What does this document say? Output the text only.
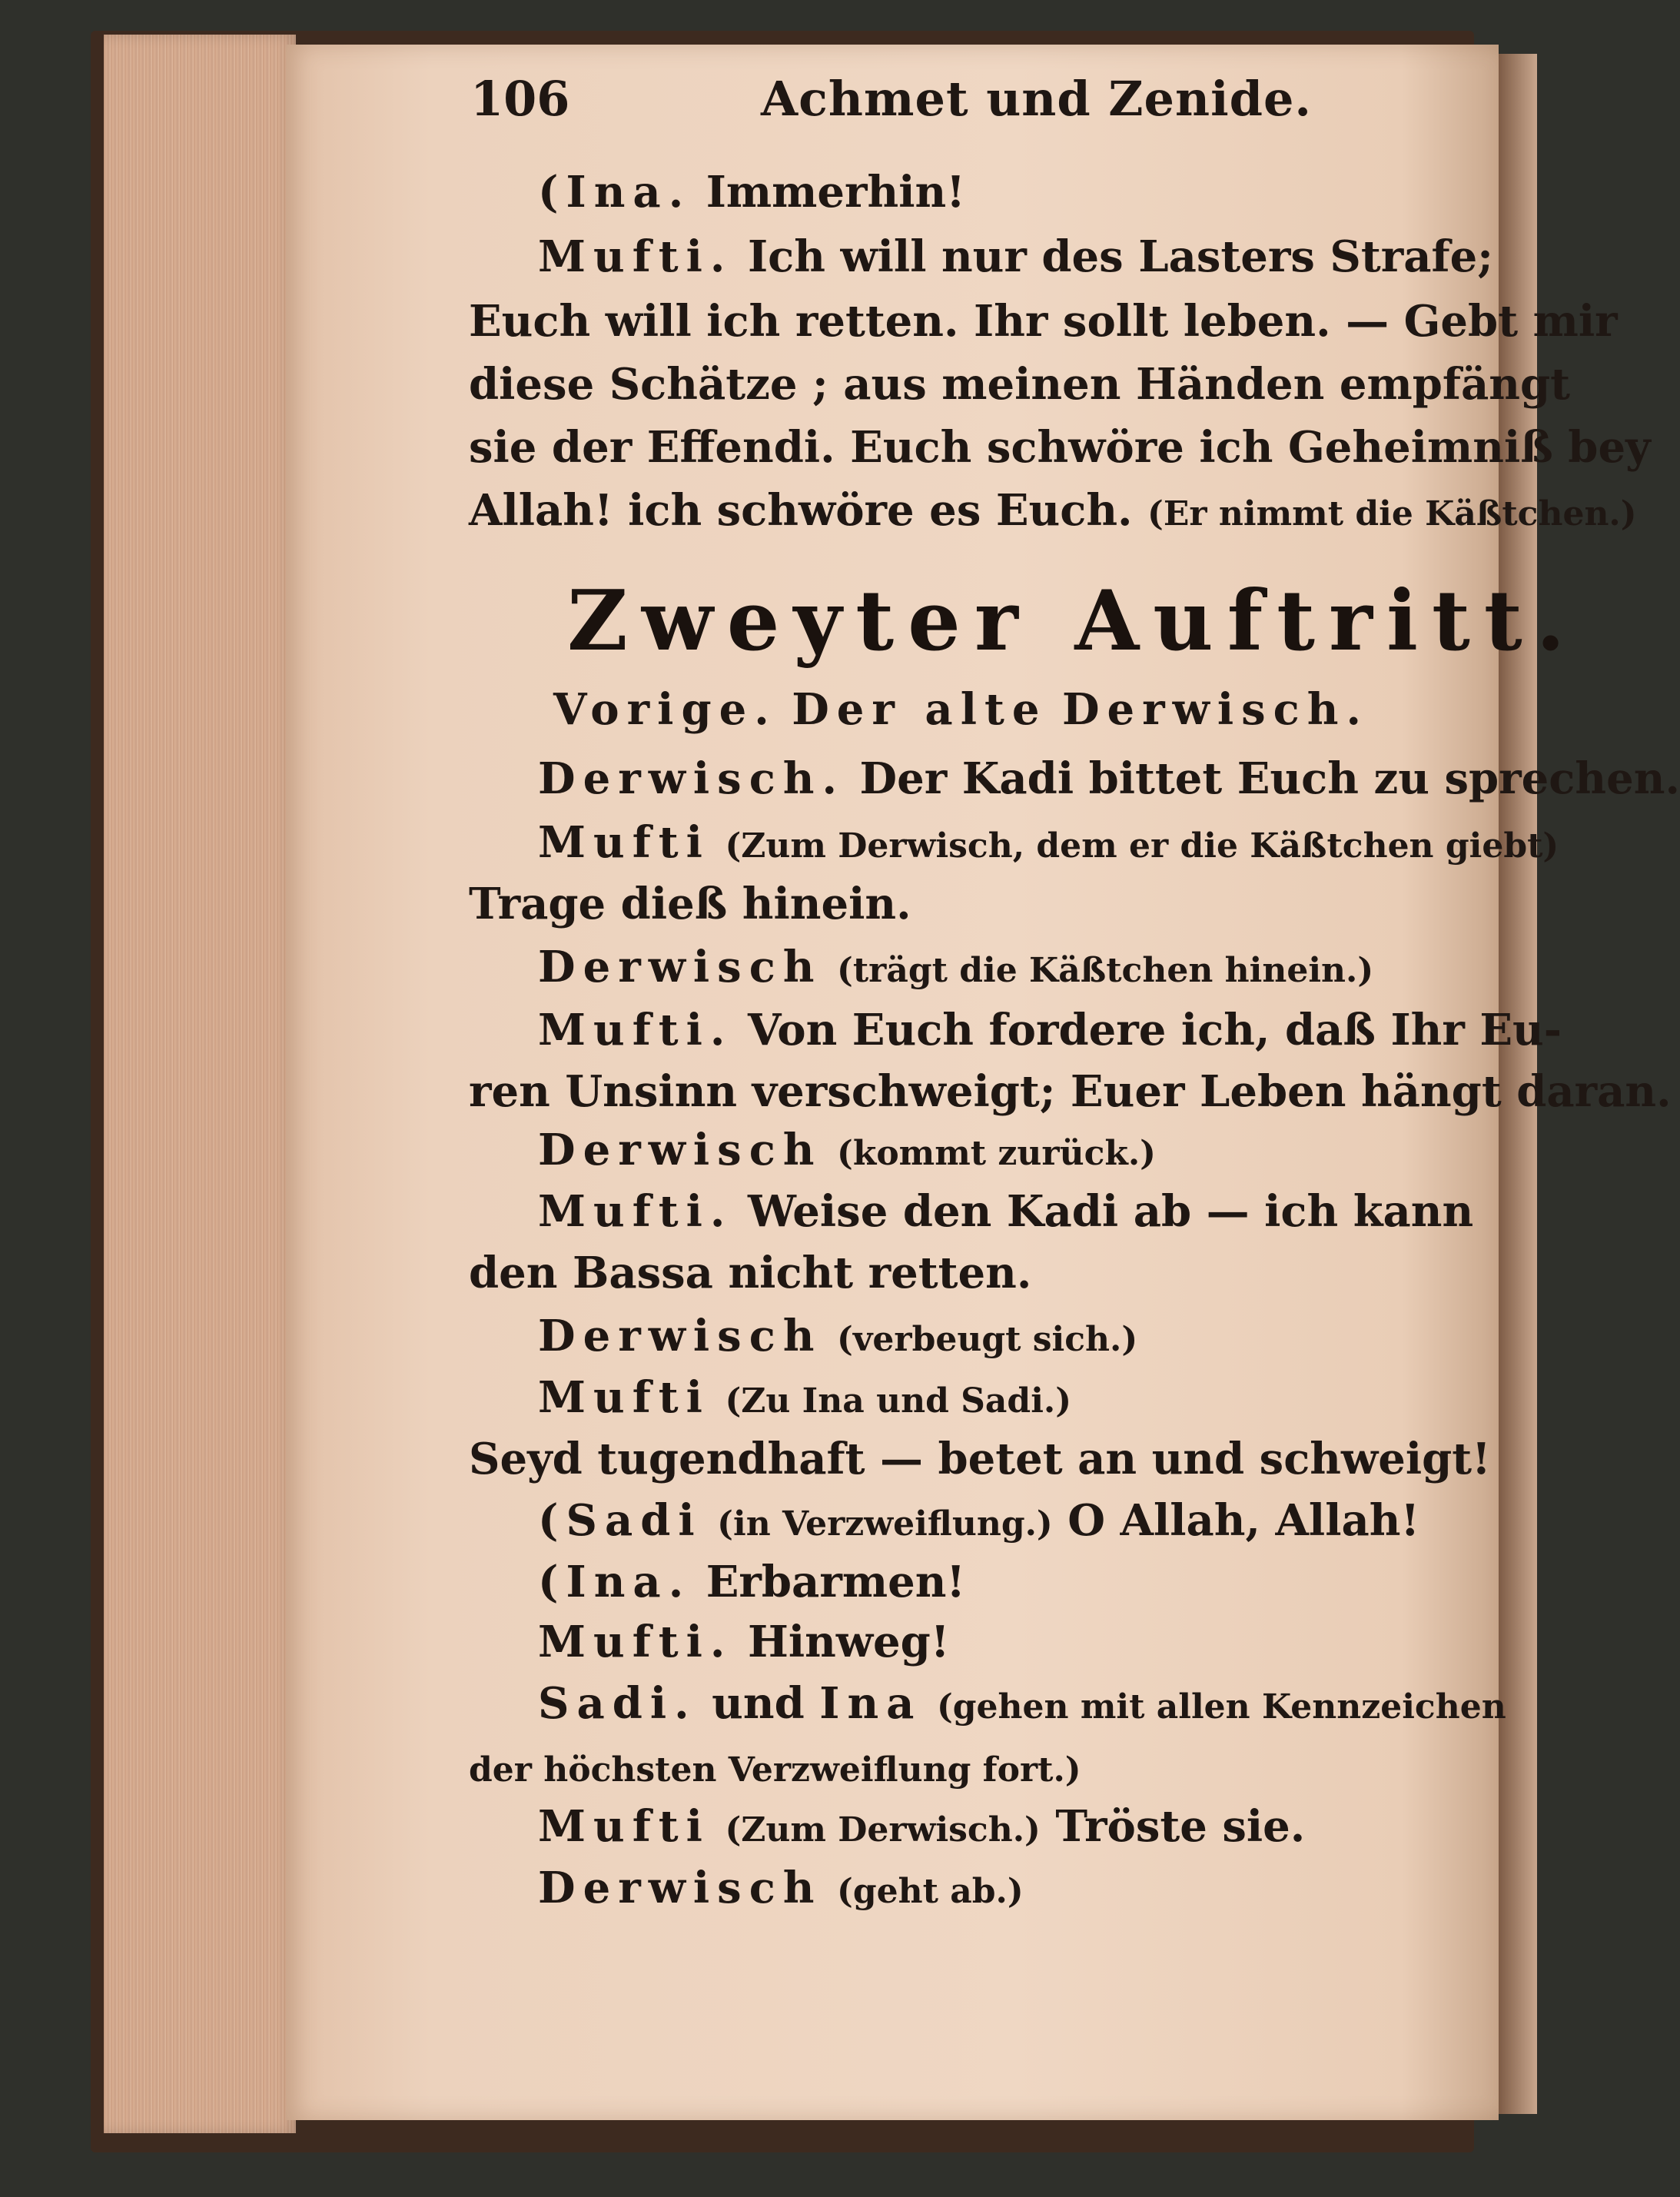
106	Achmet und Zenide.
(Ina. Immerhin!
Mufti. Ich will nur des Lasters Strafe;
Euch will ich retten. Ihr sollt leben. — Gebt mir
diese Schätze ; aus meinen Händen empfängt
sie der Effendi. Euch schwöre ich Geheimniß bey
Allah! ich schwöre es Euch. (Er nimmt die Käßtchen.)
Zweyter Auftritt.
Vorige. Der alte Derwisch.
Derwisch. Der Kadi bittet Euch zu sprechen.
Mufti (Zum Derwisch, dem er die Käßtchen giebt)
Trage dieß hinein.
Derwisch (trägt die Käßtchen hinein.)
Mufti. Von Euch fordere ich, daß Ihr Eu-
ren Unsinn verschweigt; Euer Leben hängt daran.
Derwisch (kommt zurück.)
Mufti. Weise den Kadi ab — ich kann
den Bassa nicht retten.
Derwisch (verbeugt sich.)
Mufti (Zu Ina und Sadi.)
Seyd tugendhaft — betet an und schweigt!
(Sadi (in Verzweiflung.) O Allah, Allah!
(Ina. Erbarmen!
Mufti. Hinweg!
Sadi. und Ina (gehen mit allen Kennzeichen
der höchsten Verzweiflung fort.)
Mufti (Zum Derwisch.) Tröste sie.
Derwisch (geht ab.)
